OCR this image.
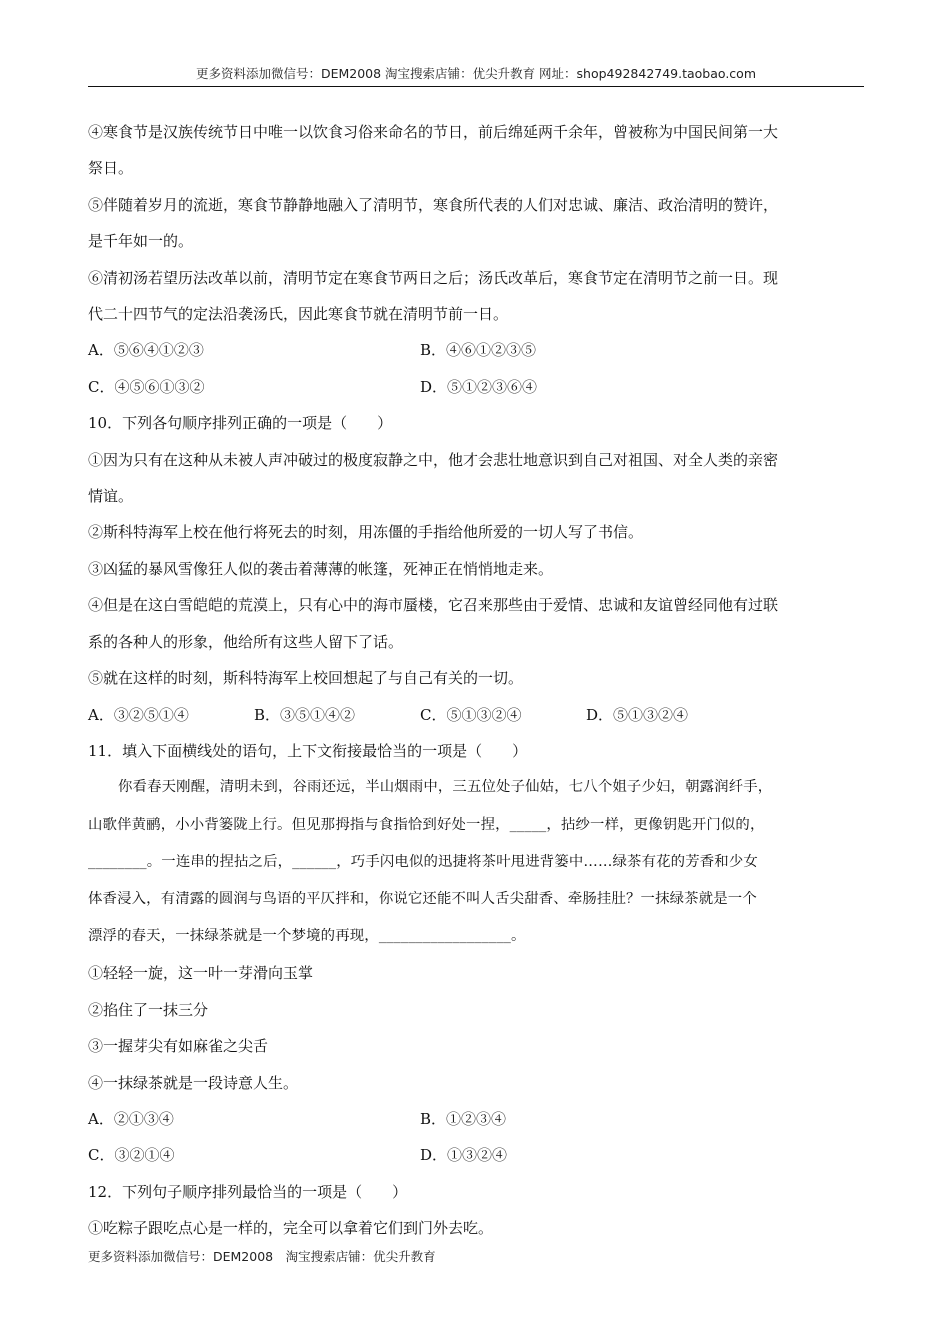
更多资料添加微信号：DEM2008 淘宝搜索店铺：优尖升教育 网址：shop492842749.taobao.com
④寒食节是汉族传统节日中唯一以饮食习俗来命名的节日，前后绵延两千余年，曾被称为中国民间第一大
祭日。
⑤伴随着岁月的流逝，寒食节静静地融入了清明节，寒食所代表的人们对忠诚、廉洁、政治清明的赞许，
是千年如一的。
⑥清初汤若望历法改革以前，清明节定在寒食节两日之后；汤氏改革后，寒食节定在清明节之前一日。现
代二十四节气的定法沿袭汤氏，因此寒食节就在清明节前一日。
A．⑤⑥④①②③	B．④⑥①②③⑤
C．④⑤⑥①③②	D．⑤①②③⑥④
10．下列各句顺序排列正确的一项是（　　）
①因为只有在这种从未被人声冲破过的极度寂静之中，他才会悲壮地意识到自己对祖国、对全人类的亲密
情谊。
②斯科特海军上校在他行将死去的时刻，用冻僵的手指给他所爱的一切人写了书信。
③凶猛的暴风雪像狂人似的袭击着薄薄的帐篷，死神正在悄悄地走来。
④但是在这白雪皑皑的荒漠上，只有心中的海市蜃楼，它召来那些由于爱情、忠诚和友谊曾经同他有过联
系的各种人的形象，他给所有这些人留下了话。
⑤就在这样的时刻，斯科特海军上校回想起了与自己有关的一切。
A．③②⑤①④	B．③⑤①④②	C．⑤①③②④	D．⑤①③②④
11．填入下面横线处的语句，上下文衔接最恰当的一项是（　　）
你看春天刚醒，清明未到，谷雨还远，半山烟雨中，三五位处子仙姑，七八个姐子少妇，朝露润纤手，
山歌伴黄鹂，小小背篓陇上行。但见那拇指与食指恰到好处一捏，_____，拈纱一样，更像钥匙开门似的，
________。一连串的捏拈之后，______，巧手闪电似的迅捷将茶叶甩进背篓中……绿茶有花的芳香和少女
体香浸入，有清露的圆润与鸟语的平仄拌和，你说它还能不叫人舌尖甜香、牵肠挂肚？一抹绿茶就是一个
漂浮的春天，一抹绿茶就是一个梦境的再现，__________________。
①轻轻一旋，这一叶一芽滑向玉掌
②掐住了一抹三分
③一握芽尖有如麻雀之尖舌
④一抹绿茶就是一段诗意人生。
A．②①③④	B．①②③④
C．③②①④	D．①③②④
12．下列句子顺序排列最恰当的一项是（　　）
①吃粽子跟吃点心是一样的，完全可以拿着它们到门外去吃。
更多资料添加微信号：DEM2008　淘宝搜索店铺：优尖升教育
